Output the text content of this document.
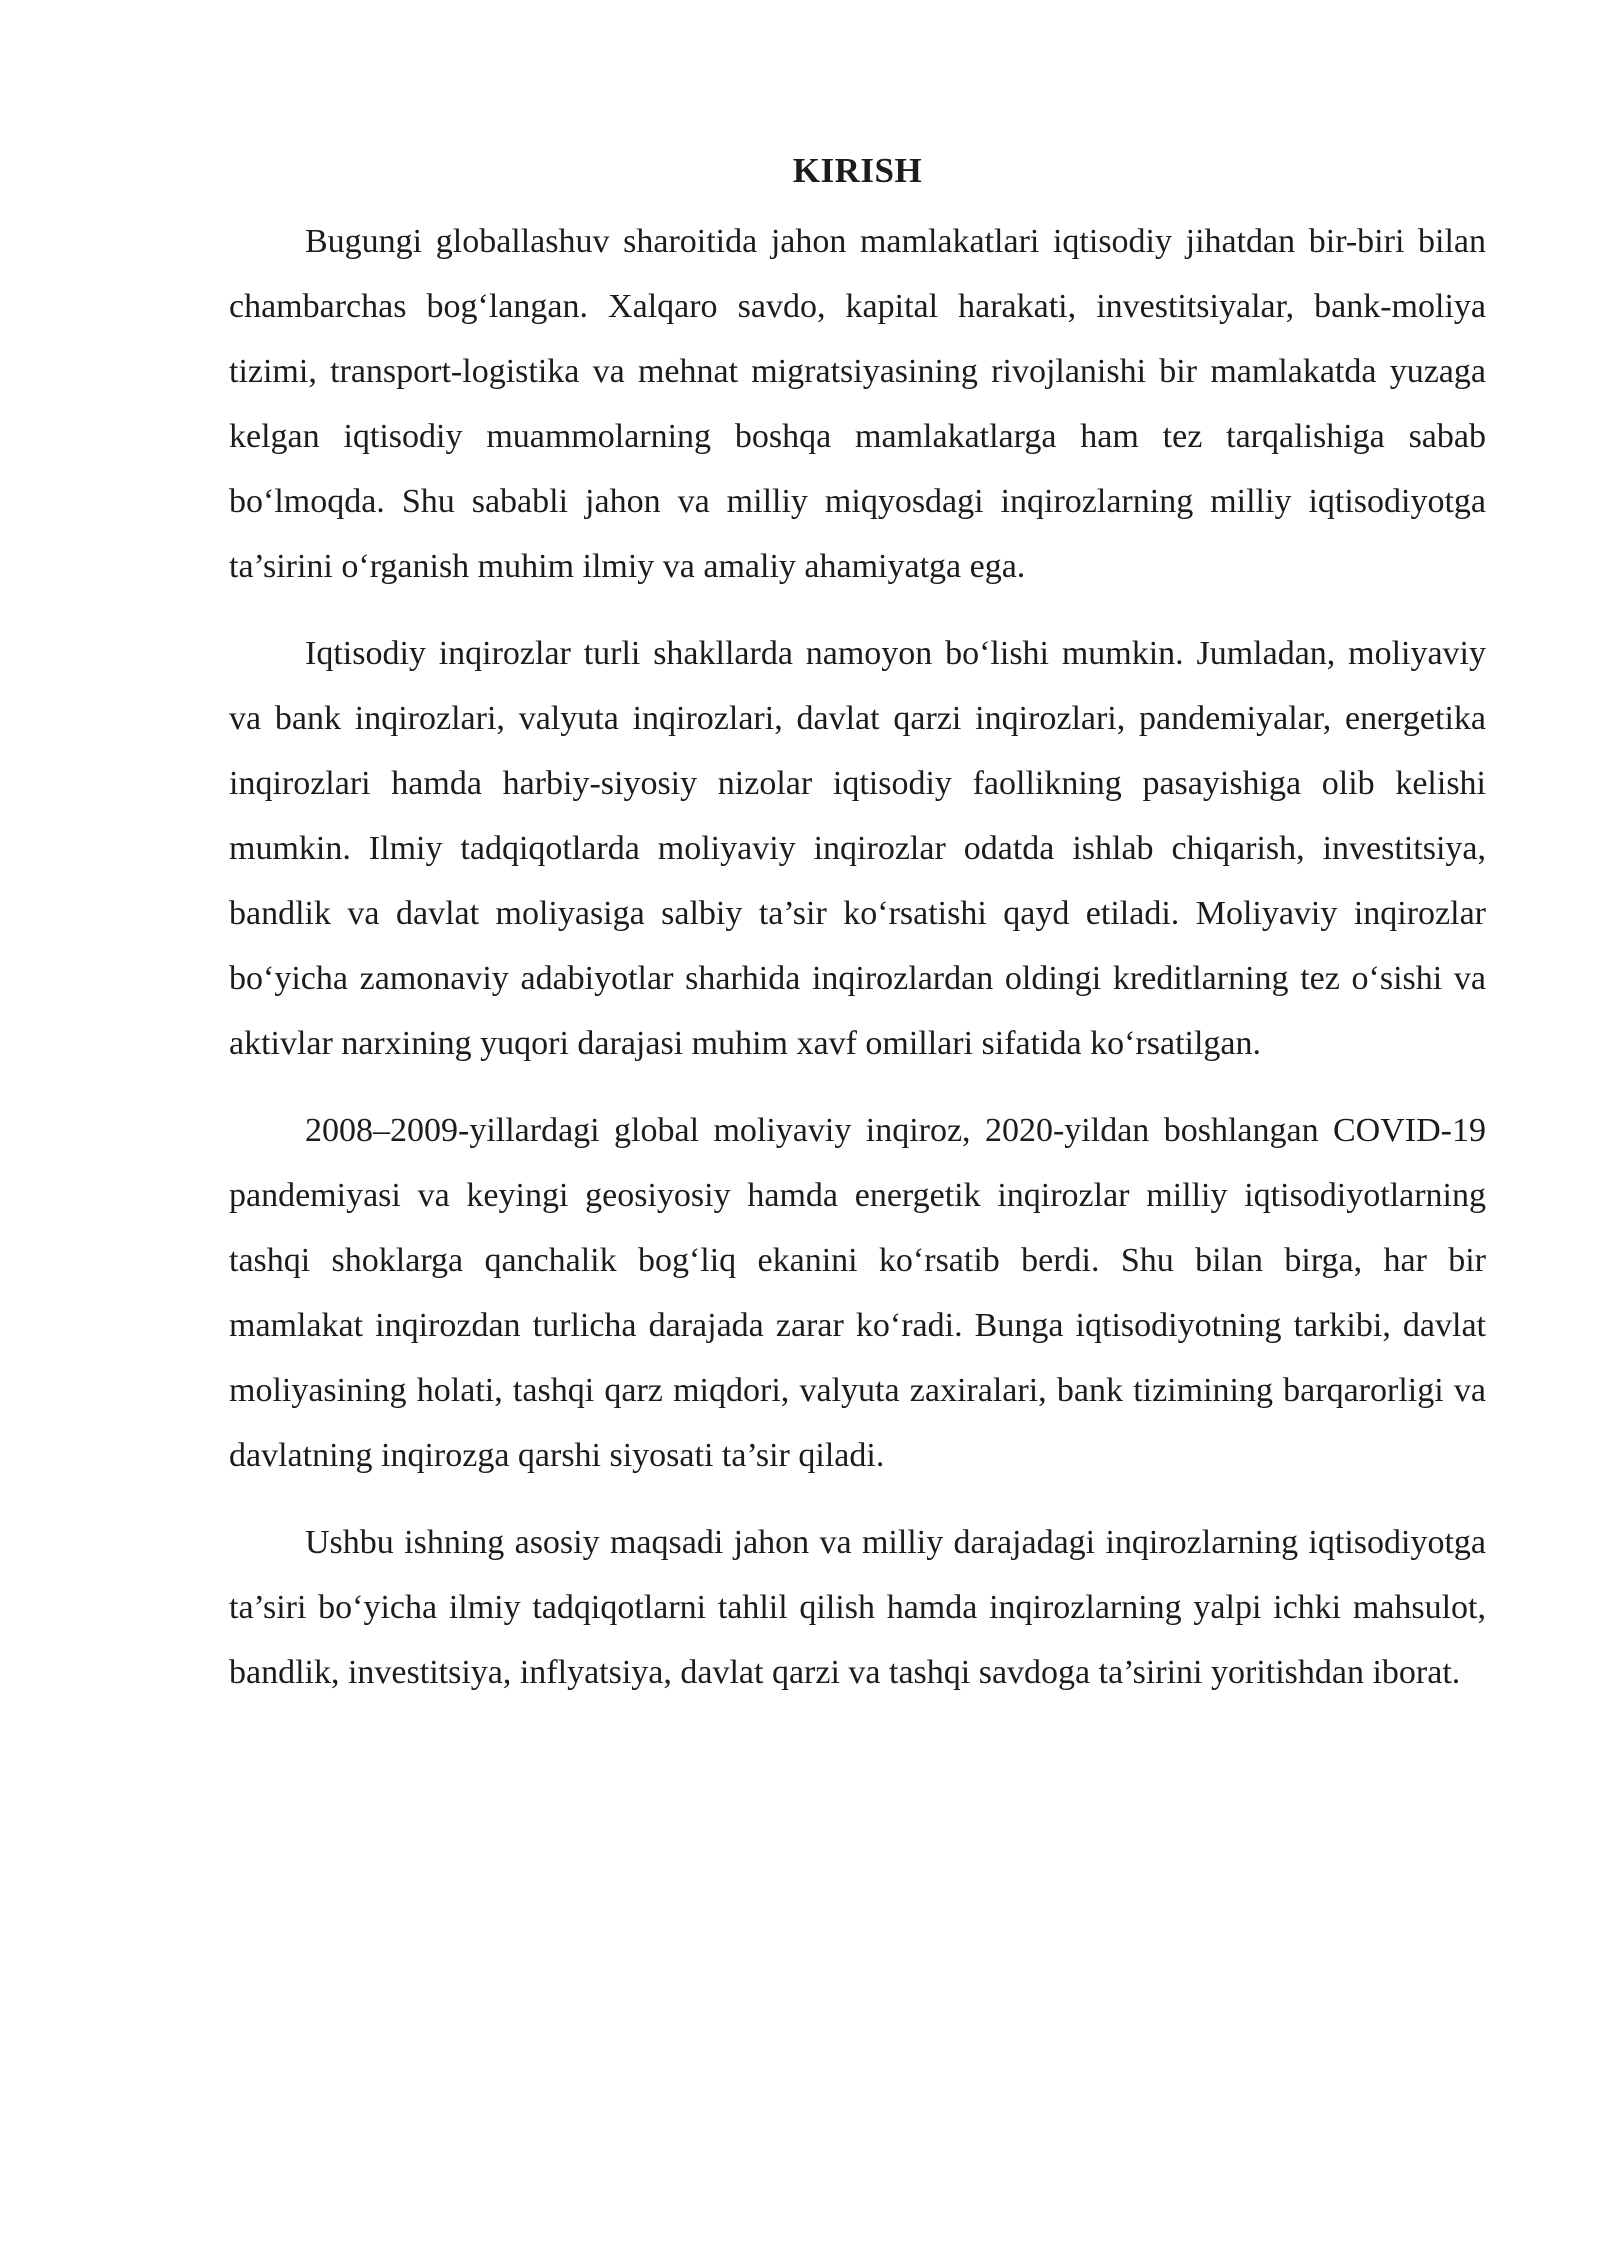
KIRISH

Bugungi globallashuv sharoitida jahon mamlakatlari iqtisodiy jihatdan bir-biri bilan chambarchas bog‘langan. Xalqaro savdo, kapital harakati, investitsiyalar, bank-moliya tizimi, transport-logistika va mehnat migratsiyasining rivojlanishi bir mamlakatda yuzaga kelgan iqtisodiy muammolarning boshqa mamlakatlarga ham tez tarqalishiga sabab bo‘lmoqda. Shu sababli jahon va milliy miqyosdagi inqirozlarning milliy iqtisodiyotga ta’sirini o‘rganish muhim ilmiy va amaliy ahamiyatga ega.

Iqtisodiy inqirozlar turli shakllarda namoyon bo‘lishi mumkin. Jumladan, moliyaviy va bank inqirozlari, valyuta inqirozlari, davlat qarzi inqirozlari, pandemiyalar, energetika inqirozlari hamda harbiy-siyosiy nizolar iqtisodiy faollikning pasayishiga olib kelishi mumkin. Ilmiy tadqiqotlarda moliyaviy inqirozlar odatda ishlab chiqarish, investitsiya, bandlik va davlat moliyasiga salbiy ta’sir ko‘rsatishi qayd etiladi. Moliyaviy inqirozlar bo‘yicha zamonaviy adabiyotlar sharhida inqirozlardan oldingi kreditlarning tez o‘sishi va aktivlar narxining yuqori darajasi muhim xavf omillari sifatida ko‘rsatilgan.

2008–2009-yillardagi global moliyaviy inqiroz, 2020-yildan boshlangan COVID-19 pandemiyasi va keyingi geosiyosiy hamda energetik inqirozlar milliy iqtisodiyotlarning tashqi shoklarga qanchalik bog‘liq ekanini ko‘rsatib berdi. Shu bilan birga, har bir mamlakat inqirozdan turlicha darajada zarar ko‘radi. Bunga iqtisodiyotning tarkibi, davlat moliyasining holati, tashqi qarz miqdori, valyuta zaxiralari, bank tizimining barqarorligi va davlatning inqirozga qarshi siyosati ta’sir qiladi.

Ushbu ishning asosiy maqsadi jahon va milliy darajadagi inqirozlarning iqtisodiyotga ta’siri bo‘yicha ilmiy tadqiqotlarni tahlil qilish hamda inqirozlarning yalpi ichki mahsulot, bandlik, investitsiya, inflyatsiya, davlat qarzi va tashqi savdoga ta’sirini yoritishdan iborat.
